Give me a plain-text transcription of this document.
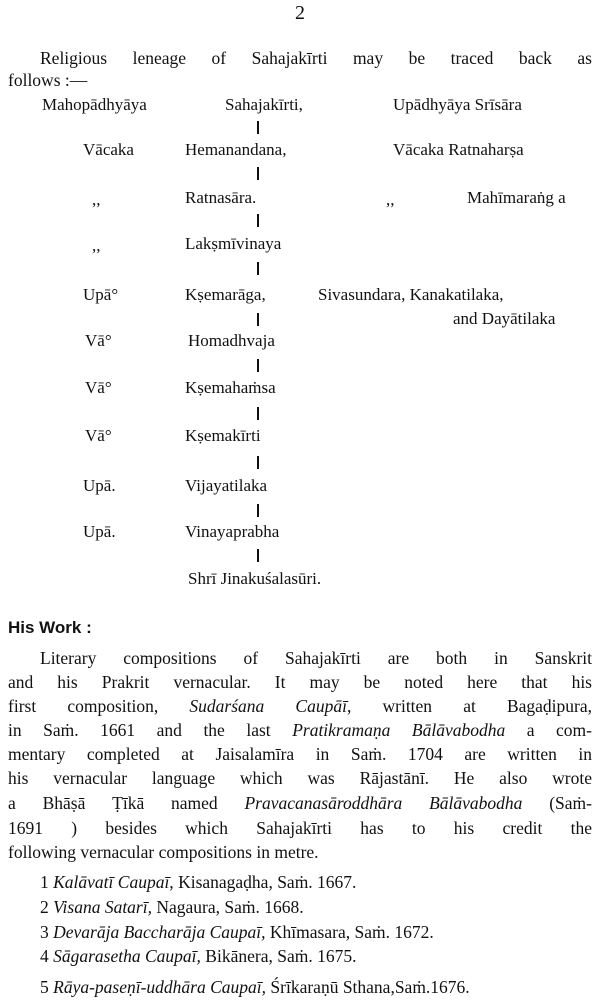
2
Religious leneage of Sahajakīrti may be traced back as
follows :—
Mahopādhyāya	Sahajakīrti,	Upādhyāya Srīsāra
Vācaka	Hemanandana,	Vācaka Ratnaharṣa
,,	Ratnasāra.	,,	Mahīmaraṅg a
,,	Lakṣmīvinaya
Upā°	Kṣemarāga,	Sivasundara, Kanakatilaka,
and Dayātilaka
Vā°	Homadhvaja
Vā°	Kṣemahaṁsa
Vā°	Kṣemakīrti
Upā.	Vijayatilaka
Upā.	Vinayaprabha
Shrī Jinakuśalasūri.
His Work :
Literary compositions of Sahajakīrti are both in Sanskrit
and his Prakrit vernacular. It may be noted here that his
first composition, Sudarśana Caupāī, written at Bagaḍipura,
in Saṁ. 1661 and the last Pratikramaṇa Bālāvabodha a com-
mentary completed at Jaisalamīra in Saṁ. 1704 are written in
his vernacular language which was Rājastānī. He also wrote
a Bhāṣā Ṭīkā named Pravacanasāroddhāra Bālāvabodha (Saṁ-
1691 ) besides which Sahajakīrti has to his credit the
following vernacular compositions in metre.
1 Kalāvatī Caupaī, Kisanagaḍha, Saṁ. 1667.
2 Visana Satarī, Nagaura, Saṁ. 1668.
3 Devarāja Baccharāja Caupaī, Khīmasara, Saṁ. 1672.
4 Sāgarasetha Caupaī, Bikānera, Saṁ. 1675.
5 Rāya-paseṇī-uddhāra Caupaī, Śrīkaraṇū Sthana,Saṁ.1676.
